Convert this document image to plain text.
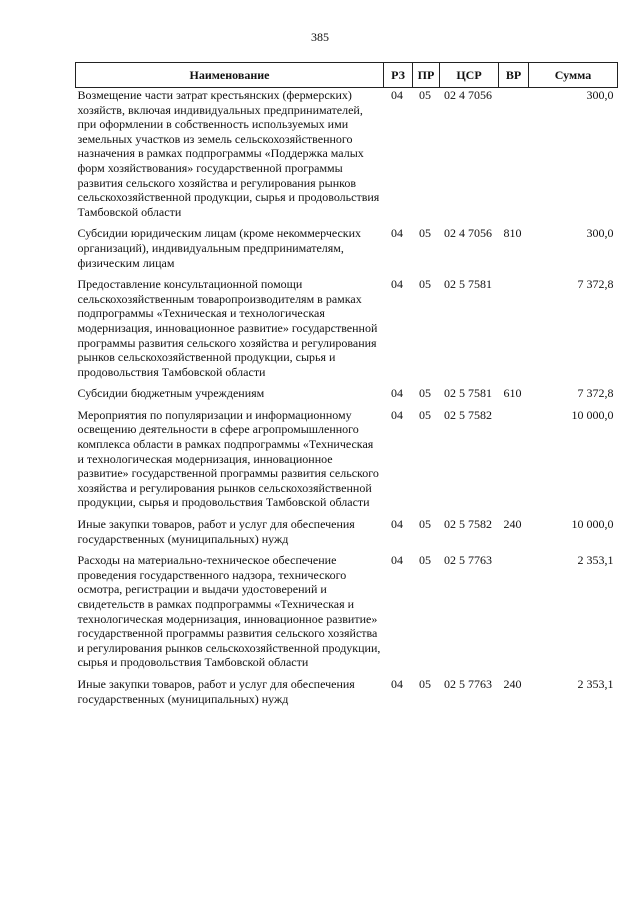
385
Наименование	РЗ	ПР	ЦСР	ВР	Сумма
Возмещение части затрат крестьянских (фермерских) хозяйств, включая индивидуальных предпринимателей, при оформлении в собственность используемых ими земельных участков из земель сельскохозяйственного назначения в рамках подпрограммы «Поддержка малых форм хозяйствования» государственной программы развития сельского хозяйства и регулирования рынков сельскохозяйственной продукции, сырья и продовольствия Тамбовской области	04	05	02 4 7056		300,0
Субсидии юридическим лицам (кроме некоммерческих организаций), индивидуальным предпринимателям, физическим лицам	04	05	02 4 7056	810	300,0
Предоставление консультационной помощи сельскохозяйственным товаропроизводителям в рамках подпрограммы «Техническая и технологическая модернизация, инновационное развитие» государственной программы развития сельского хозяйства и регулирования рынков сельскохозяйственной продукции, сырья и продовольствия Тамбовской области	04	05	02 5 7581		7 372,8
Субсидии бюджетным учреждениям	04	05	02 5 7581	610	7 372,8
Мероприятия по популяризации и информационному освещению деятельности в сфере агропромышленного комплекса области в рамках подпрограммы «Техническая и технологическая модернизация, инновационное развитие» государственной программы развития сельского хозяйства и регулирования рынков сельскохозяйственной продукции, сырья и продовольствия Тамбовской области	04	05	02 5 7582		10 000,0
Иные закупки товаров, работ и услуг для обеспечения государственных (муниципальных) нужд	04	05	02 5 7582	240	10 000,0
Расходы на материально-техническое обеспечение проведения государственного надзора, технического осмотра, регистрации и выдачи удостоверений и свидетельств в рамках подпрограммы «Техническая и технологическая модернизация, инновационное развитие» государственной программы развития сельского хозяйства и регулирования рынков сельскохозяйственной продукции, сырья и продовольствия Тамбовской области	04	05	02 5 7763		2 353,1
Иные закупки товаров, работ и услуг для обеспечения государственных (муниципальных) нужд	04	05	02 5 7763	240	2 353,1
